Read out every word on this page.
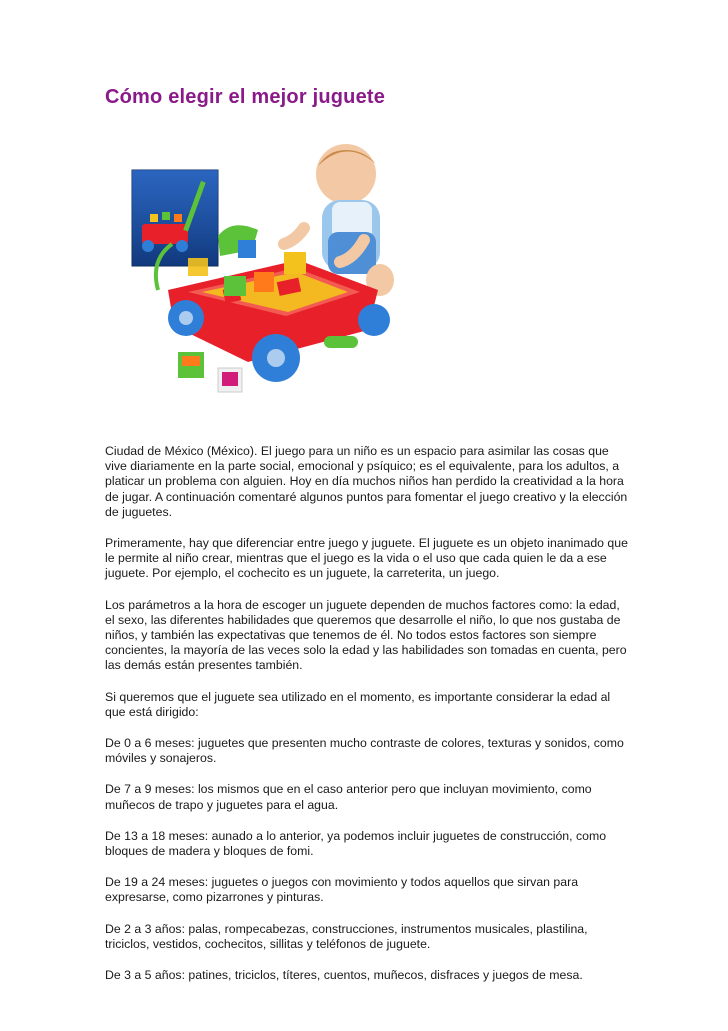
Cómo elegir el mejor juguete

Ciudad de México (México). El juego para un niño es un espacio para asimilar las cosas que vive diariamente en la parte social, emocional y psíquico; es el equivalente, para los adultos, a platicar un problema con alguien. Hoy en día muchos niños han perdido la creatividad a la hora de jugar. A continuación comentaré algunos puntos para fomentar el juego creativo y la elección de juguetes.

Primeramente, hay que diferenciar entre juego y juguete. El juguete es un objeto inanimado que le permite al niño crear, mientras que el juego es la vida o el uso que cada quien le da a ese juguete. Por ejemplo, el cochecito es un juguete, la carreterita, un juego.

Los parámetros a la hora de escoger un juguete dependen de muchos factores como: la edad, el sexo, las diferentes habilidades que queremos que desarrolle el niño, lo que nos gustaba de niños, y también las expectativas que tenemos de él. No todos estos factores son siempre concientes, la mayoría de las veces solo la edad y las habilidades son tomadas en cuenta, pero las demás están presentes también.

Si queremos que el juguete sea utilizado en el momento, es importante considerar la edad al que está dirigido:

De 0 a 6 meses: juguetes que presenten mucho contraste de colores, texturas y sonidos, como móviles y sonajeros.

De 7 a 9 meses: los mismos que en el caso anterior pero que incluyan movimiento, como muñecos de trapo y juguetes para el agua.

De 13 a 18 meses: aunado a lo anterior, ya podemos incluir juguetes de construcción, como bloques de madera y bloques de fomi.

De 19 a 24 meses: juguetes o juegos con movimiento y todos aquellos que sirvan para expresarse, como pizarrones y pinturas.

De 2 a 3 años: palas, rompecabezas, construcciones, instrumentos musicales, plastilina, triciclos, vestidos, cochecitos, sillitas y teléfonos de juguete.

De 3 a 5 años: patines, triciclos, títeres, cuentos, muñecos, disfraces y juegos de mesa.
